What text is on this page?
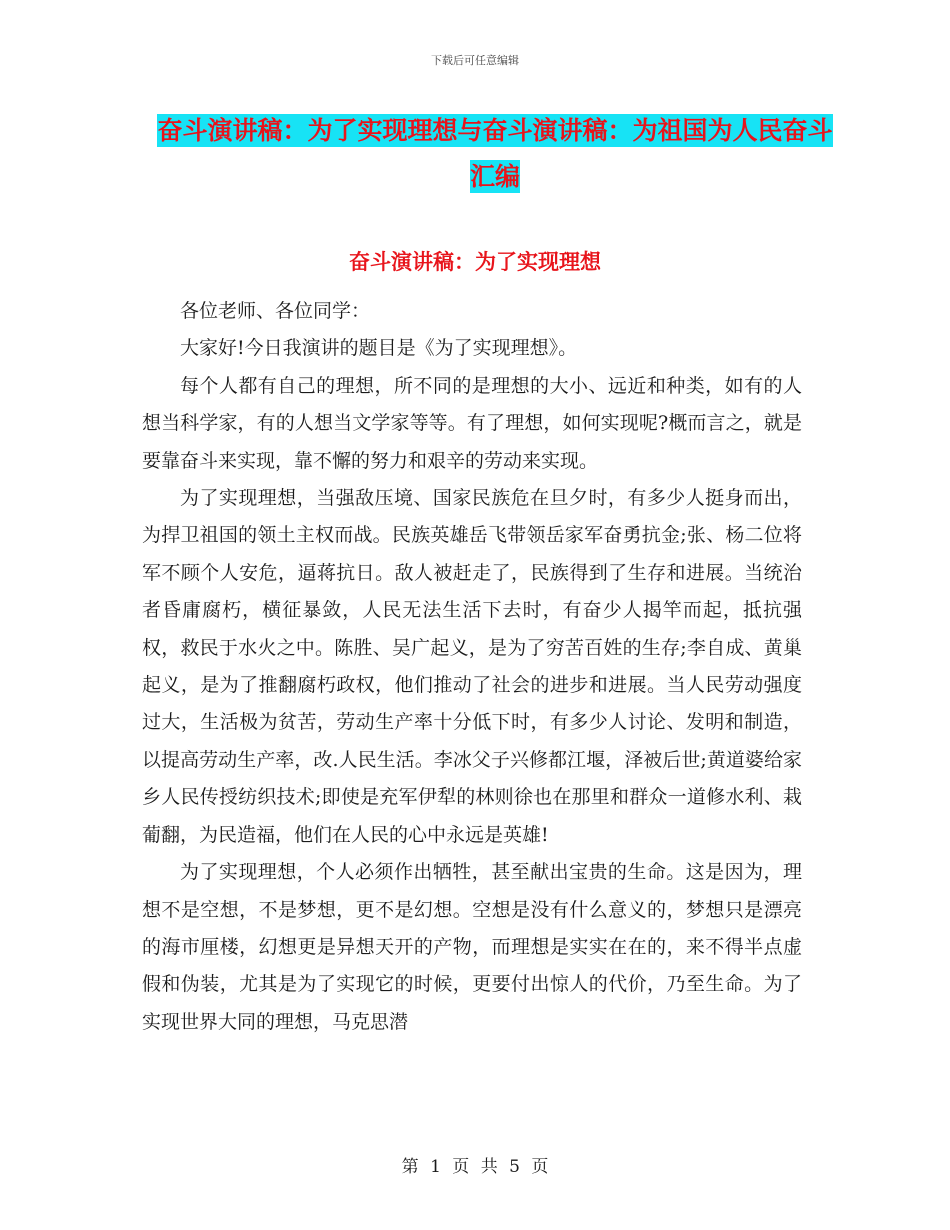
下载后可任意编辑
奋斗演讲稿：为了实现理想与奋斗演讲稿：为祖国为人民奋斗汇编
奋斗演讲稿：为了实现理想

各位老师、各位同学：

大家好!今日我演讲的题目是《为了实现理想》。

每个人都有自己的理想，所不同的是理想的大小、远近和种类，如有的人想当科学家，有的人想当文学家等等。有了理想，如何实现呢?概而言之，就是要靠奋斗来实现，靠不懈的努力和艰辛的劳动来实现。

为了实现理想，当强敌压境、国家民族危在旦夕时，有多少人挺身而出，为捍卫祖国的领土主权而战。民族英雄岳飞带领岳家军奋勇抗金;张、杨二位将军不顾个人安危，逼蒋抗日。敌人被赶走了，民族得到了生存和进展。当统治者昏庸腐朽，横征暴敛，人民无法生活下去时，有奋少人揭竿而起，抵抗强权，救民于水火之中。陈胜、吴广起义，是为了穷苦百姓的生存;李自成、黄巢起义，是为了推翻腐朽政权，他们推动了社会的进步和进展。当人民劳动强度过大，生活极为贫苦，劳动生产率十分低下时，有多少人讨论、发明和制造，以提高劳动生产率，改.人民生活。李冰父子兴修都江堰，泽被后世;黄道婆给家乡人民传授纺织技术;即使是充军伊犁的林则徐也在那里和群众一道修水利、栽葡翻，为民造福，他们在人民的心中永远是英雄!

为了实现理想，个人必须作出牺牲，甚至献出宝贵的生命。这是因为，理想不是空想，不是梦想，更不是幻想。空想是没有什么意义的，梦想只是漂亮的海市厘楼，幻想更是异想天开的产物，而理想是实实在在的，来不得半点虚假和伪装，尤其是为了实现它的时候，更要付出惊人的代价，乃至生命。为了实现世界大同的理想，马克思潜

第 1 页 共 5 页
